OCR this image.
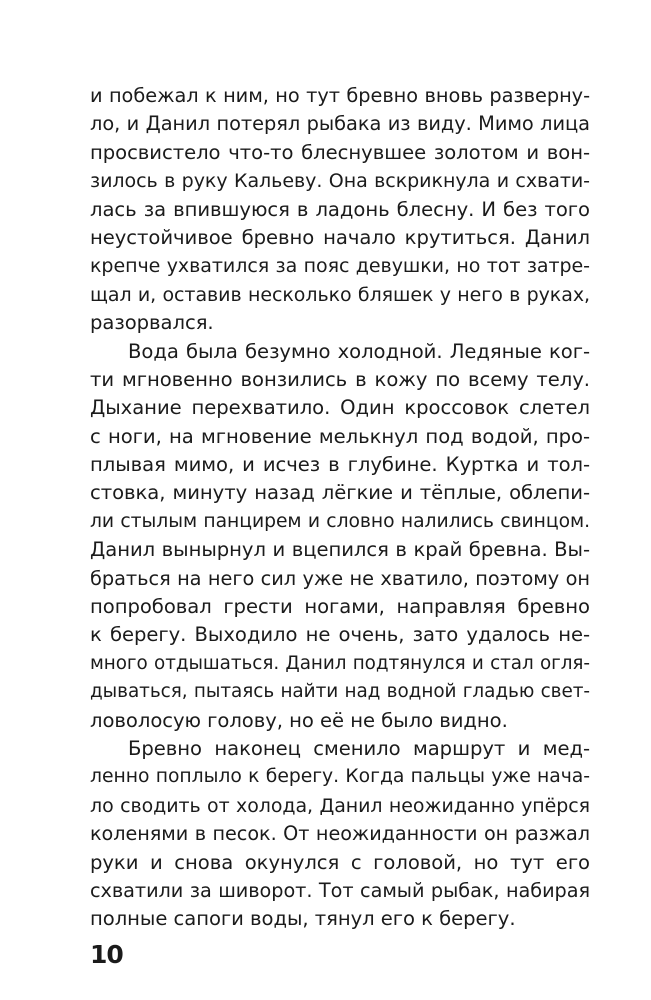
и побежал к ним, но тут бревно вновь разверну-
ло, и Данил потерял рыбака из виду. Мимо лица
просвистело что-то блеснувшее золотом и вон-
зилось в руку Кальеву. Она вскрикнула и схвати-
лась за впившуюся в ладонь блесну. И без того
неустойчивое бревно начало крутиться. Данил
крепче ухватился за пояс девушки, но тот затре-
щал и, оставив несколько бляшек у него в руках,
разорвался.
Вода была безумно холодной. Ледяные ког-
ти мгновенно вонзились в кожу по всему телу.
Дыхание перехватило. Один кроссовок слетел
с ноги, на мгновение мелькнул под водой, про-
плывая мимо, и исчез в глубине. Куртка и тол-
стовка, минуту назад лёгкие и тёплые, облепи-
ли стылым панцирем и словно налились свинцом.
Данил вынырнул и вцепился в край бревна. Вы-
браться на него сил уже не хватило, поэтому он
попробовал грести ногами, направляя бревно
к берегу. Выходило не очень, зато удалось не-
много отдышаться. Данил подтянулся и стал огля-
дываться, пытаясь найти над водной гладью свет-
ловолосую голову, но её не было видно.
Бревно наконец сменило маршрут и мед-
ленно поплыло к берегу. Когда пальцы уже нача-
ло сводить от холода, Данил неожиданно упёрся
коленями в песок. От неожиданности он разжал
руки и снова окунулся с головой, но тут его
схватили за шиворот. Тот самый рыбак, набирая
полные сапоги воды, тянул его к берегу.
10
